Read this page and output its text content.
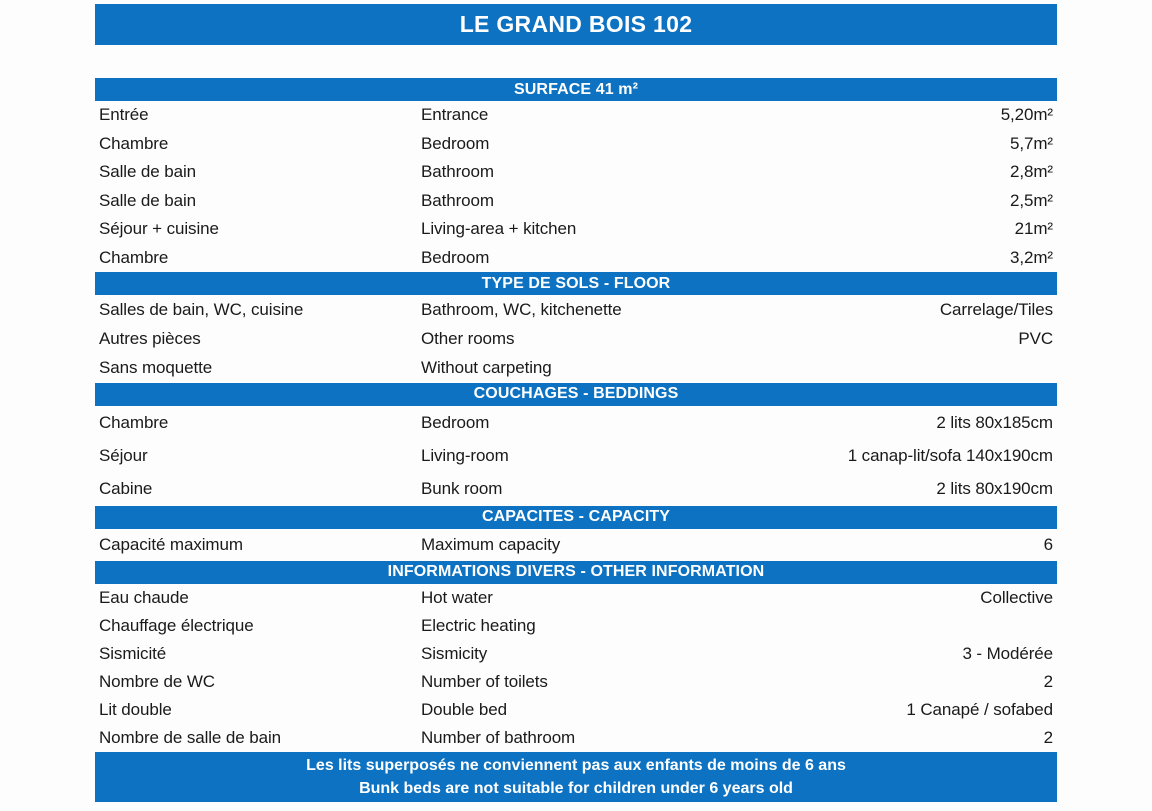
LE GRAND BOIS 102
SURFACE 41 m²
Entrée	Entrance	5,20m²
Chambre	Bedroom	5,7m²
Salle de bain	Bathroom	2,8m²
Salle de bain	Bathroom	2,5m²
Séjour + cuisine	Living-area + kitchen	21m²
Chambre	Bedroom	3,2m²
TYPE DE SOLS - FLOOR
Salles de bain, WC, cuisine	Bathroom, WC, kitchenette	Carrelage/Tiles
Autres pièces	Other rooms	PVC
Sans moquette	Without carpeting
COUCHAGES - BEDDINGS
Chambre	Bedroom	2 lits 80x185cm
Séjour	Living-room	1 canap-lit/sofa 140x190cm
Cabine	Bunk room	2 lits 80x190cm
CAPACITES - CAPACITY
Capacité maximum	Maximum capacity	6
INFORMATIONS DIVERS - OTHER INFORMATION
Eau chaude	Hot water	Collective
Chauffage électrique	Electric heating
Sismicité	Sismicity	3 - Modérée
Nombre de WC	Number of toilets	2
Lit double	Double bed	1 Canapé / sofabed
Nombre de salle de bain	Number of bathroom	2
Les lits superposés ne conviennent pas aux enfants de moins de 6 ans
Bunk beds are not suitable for children under 6 years old
